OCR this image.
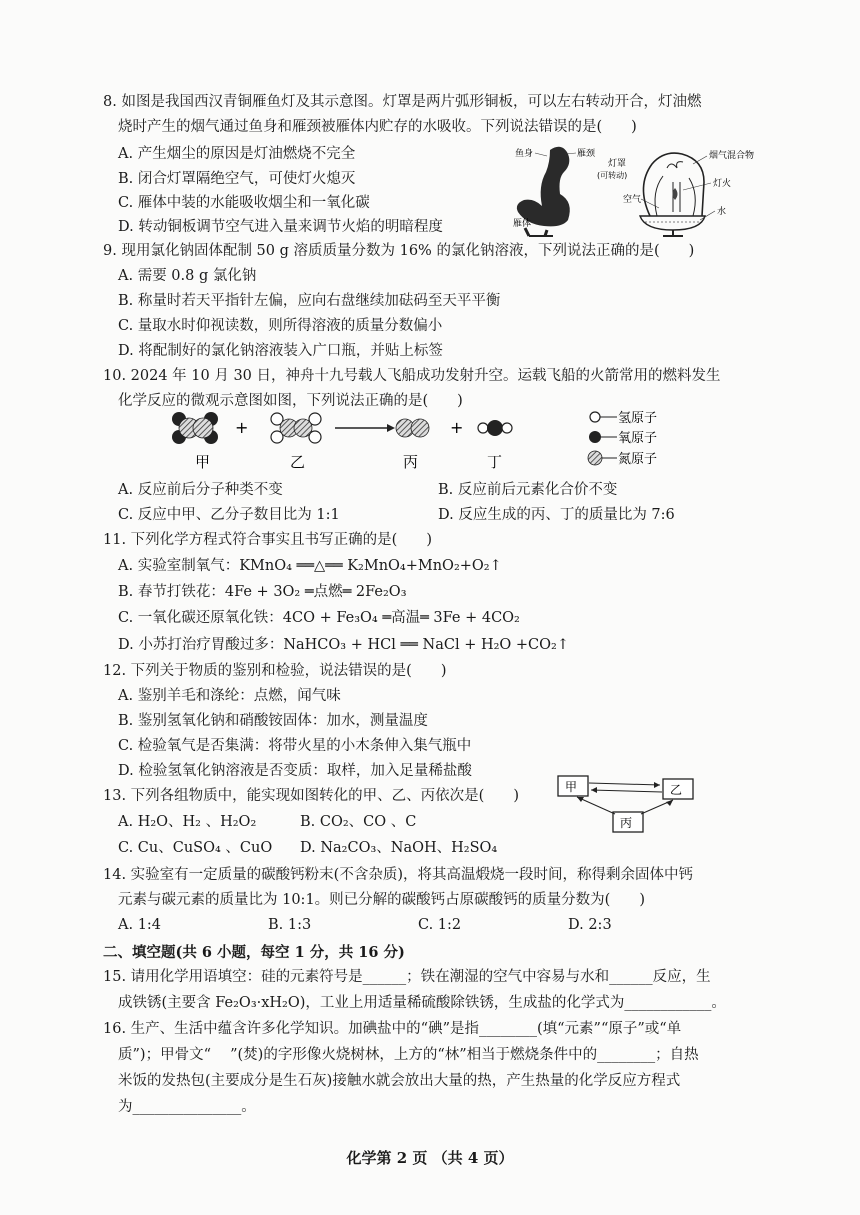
8. 如图是我国西汉青铜雁鱼灯及其示意图。灯罩是两片弧形铜板，可以左右转动开合，灯油燃
烧时产生的烟气通过鱼身和雁颈被雁体内贮存的水吸收。下列说法错误的是(　　)
A. 产生烟尘的原因是灯油燃烧不完全
B. 闭合灯罩隔绝空气，可使灯火熄灭
C. 雁体中装的水能吸收烟尘和一氧化碳
D. 转动铜板调节空气进入量来调节火焰的明暗程度
鱼身	雁颈
雁体
灯罩
(可转动)
空气
烟气混合物
灯火
水
9. 现用氯化钠固体配制 50 g 溶质质量分数为 16% 的氯化钠溶液，下列说法正确的是(　　)
A. 需要 0.8 g 氯化钠
B. 称量时若天平指针左偏，应向右盘继续加砝码至天平平衡
C. 量取水时仰视读数，则所得溶液的质量分数偏小
D. 将配制好的氯化钠溶液装入广口瓶，并贴上标签
10. 2024 年 10 月 30 日，神舟十九号载人飞船成功发射升空。运载飞船的火箭常用的燃料发生
化学反应的微观示意图如图，下列说法正确的是(　　)
+	+
甲	乙	丙	丁
氢原子
氧原子
氮原子
A. 反应前后分子种类不变	B. 反应前后元素化合价不变
C. 反应中甲、乙分子数目比为 1:1	D. 反应生成的丙、丁的质量比为 7:6
11. 下列化学方程式符合事实且书写正确的是(　　)
A. 实验室制氧气：KMnO₄ ══△══ K₂MnO₄+MnO₂+O₂↑
B. 春节打铁花：4Fe + 3O₂ ═点燃═ 2Fe₂O₃
C. 一氧化碳还原氧化铁：4CO + Fe₃O₄ ═高温═ 3Fe + 4CO₂
D. 小苏打治疗胃酸过多：NaHCO₃ + HCl ══ NaCl + H₂O +CO₂↑
12. 下列关于物质的鉴别和检验，说法错误的是(　　)
A. 鉴别羊毛和涤纶：点燃，闻气味
B. 鉴别氢氧化钠和硝酸铵固体：加水，测量温度
C. 检验氧气是否集满：将带火星的小木条伸入集气瓶中
D. 检验氢氧化钠溶液是否变质：取样，加入足量稀盐酸
13. 下列各组物质中，能实现如图转化的甲、乙、丙依次是(　　)
A. H₂O、H₂ 、H₂O₂	B. CO₂、CO 、C
C. Cu、CuSO₄ 、CuO D. Na₂CO₃、NaOH、H₂SO₄
甲	乙
丙
14. 实验室有一定质量的碳酸钙粉末(不含杂质)，将其高温煅烧一段时间，称得剩余固体中钙
元素与碳元素的质量比为 10:1。则已分解的碳酸钙占原碳酸钙的质量分数为(　　)
A. 1:4	B. 1:3	C. 1:2	D. 2:3
二、填空题(共 6 小题，每空 1 分，共 16 分)
15. 请用化学用语填空：硅的元素符号是______；铁在潮湿的空气中容易与水和______反应，生
成铁锈(主要含 Fe₂O₃·xH₂O)，工业上用适量稀硫酸除铁锈，生成盐的化学式为____________。
16. 生产、生活中蕴含许多化学知识。加碘盐中的“碘”是指________(填“元素”“原子”或“单
质”)；甲骨文“　 ”(焚)的字形像火烧树林，上方的“林”相当于燃烧条件中的________；自热
米饭的发热包(主要成分是生石灰)接触水就会放出大量的热，产生热量的化学反应方程式
为_______________。
化学第 2 页 （共 4 页）
